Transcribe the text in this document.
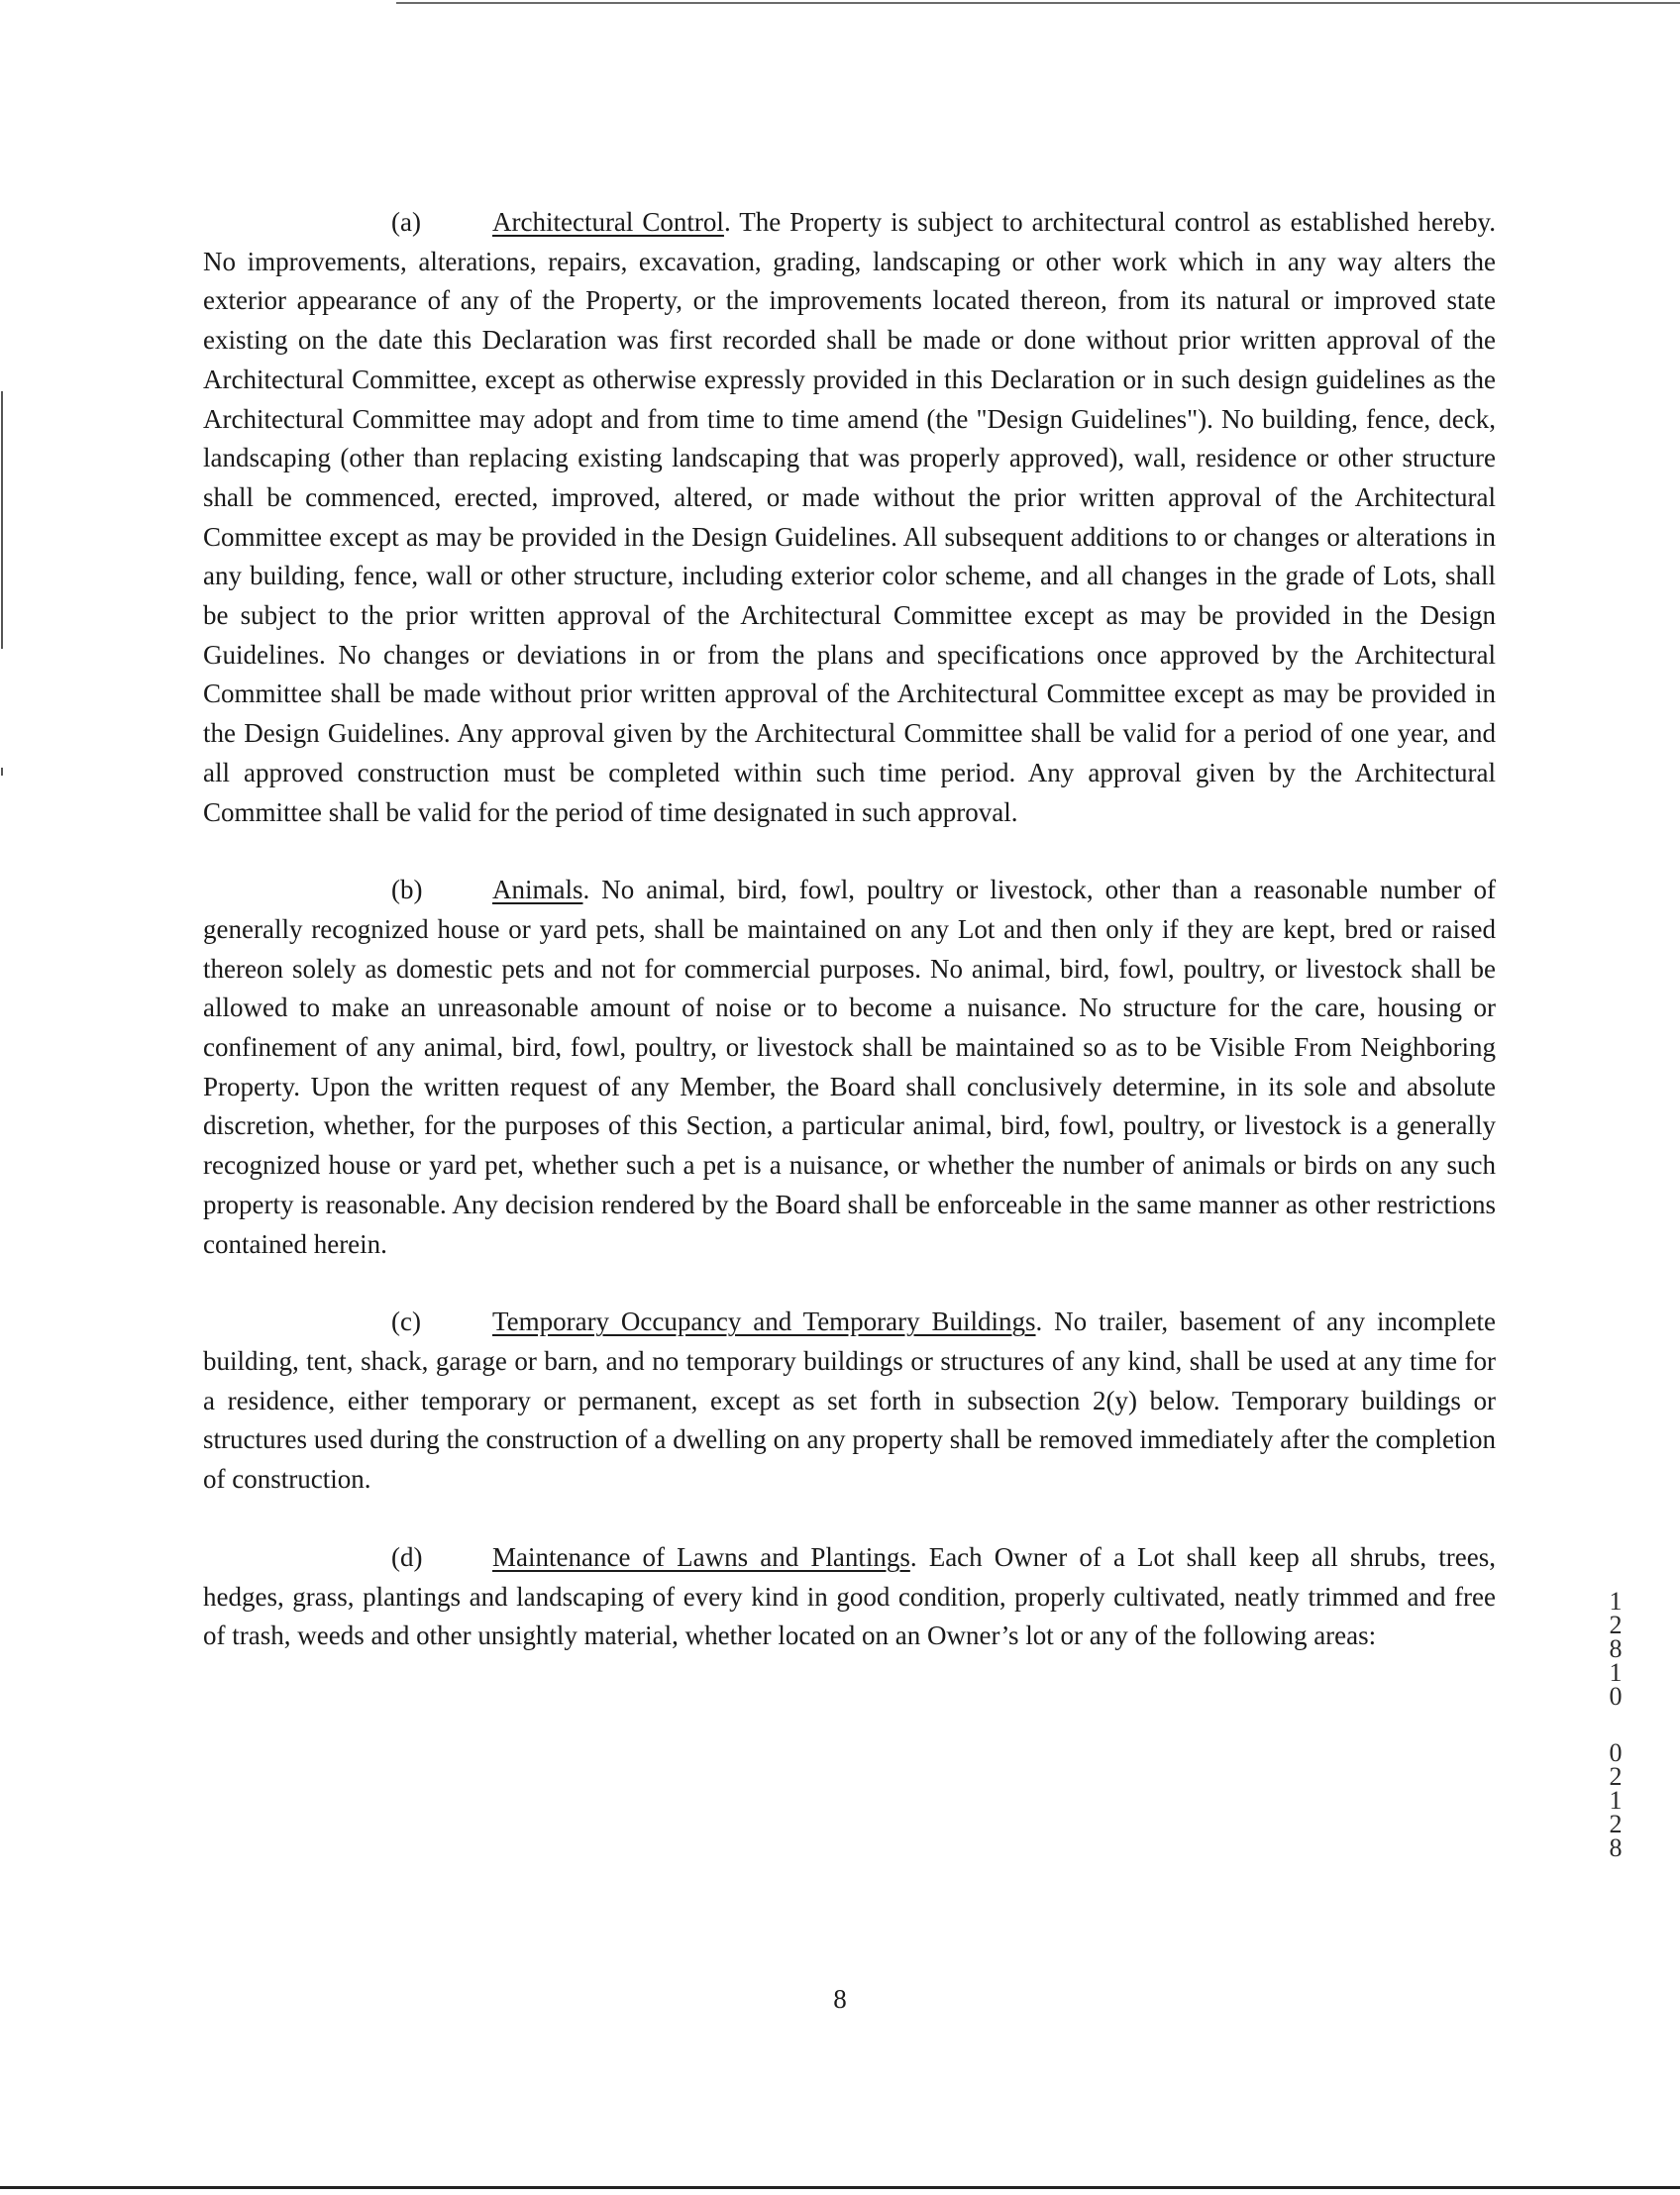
(a)	Architectural Control. The Property is subject to architectural control as established hereby. No improvements, alterations, repairs, excavation, grading, landscaping or other work which in any way alters the exterior appearance of any of the Property, or the improvements located thereon, from its natural or improved state existing on the date this Declaration was first recorded shall be made or done without prior written approval of the Architectural Committee, except as otherwise expressly provided in this Declaration or in such design guidelines as the Architectural Committee may adopt and from time to time amend (the "Design Guidelines"). No building, fence, deck, landscaping (other than replacing existing landscaping that was properly approved), wall, residence or other structure shall be commenced, erected, improved, altered, or made without the prior written approval of the Architectural Committee except as may be provided in the Design Guidelines. All subsequent additions to or changes or alterations in any building, fence, wall or other structure, including exterior color scheme, and all changes in the grade of Lots, shall be subject to the prior written approval of the Architectural Committee except as may be provided in the Design Guidelines. No changes or deviations in or from the plans and specifications once approved by the Architectural Committee shall be made without prior written approval of the Architectural Committee except as may be provided in the Design Guidelines. Any approval given by the Architectural Committee shall be valid for a period of one year, and all approved construction must be completed within such time period. Any approval given by the Architectural Committee shall be valid for the period of time designated in such approval.

(b)	Animals. No animal, bird, fowl, poultry or livestock, other than a reasonable number of generally recognized house or yard pets, shall be maintained on any Lot and then only if they are kept, bred or raised thereon solely as domestic pets and not for commercial purposes. No animal, bird, fowl, poultry, or livestock shall be allowed to make an unreasonable amount of noise or to become a nuisance. No structure for the care, housing or confinement of any animal, bird, fowl, poultry, or livestock shall be maintained so as to be Visible From Neighboring Property. Upon the written request of any Member, the Board shall conclusively determine, in its sole and absolute discretion, whether, for the purposes of this Section, a particular animal, bird, fowl, poultry, or livestock is a generally recognized house or yard pet, whether such a pet is a nuisance, or whether the number of animals or birds on any such property is reasonable. Any decision rendered by the Board shall be enforceable in the same manner as other restrictions contained herein.

(c)	Temporary Occupancy and Temporary Buildings. No trailer, basement of any incomplete building, tent, shack, garage or barn, and no temporary buildings or structures of any kind, shall be used at any time for a residence, either temporary or permanent, except as set forth in subsection 2(y) below. Temporary buildings or structures used during the construction of a dwelling on any property shall be removed immediately after the completion of construction.

(d)	Maintenance of Lawns and Plantings. Each Owner of a Lot shall keep all shrubs, trees, hedges, grass, plantings and landscaping of every kind in good condition, properly cultivated, neatly trimmed and free of trash, weeds and other unsightly material, whether located on an Owner’s lot or any of the following areas:

8
1
2
8
1
0
0
2
1
2
8
